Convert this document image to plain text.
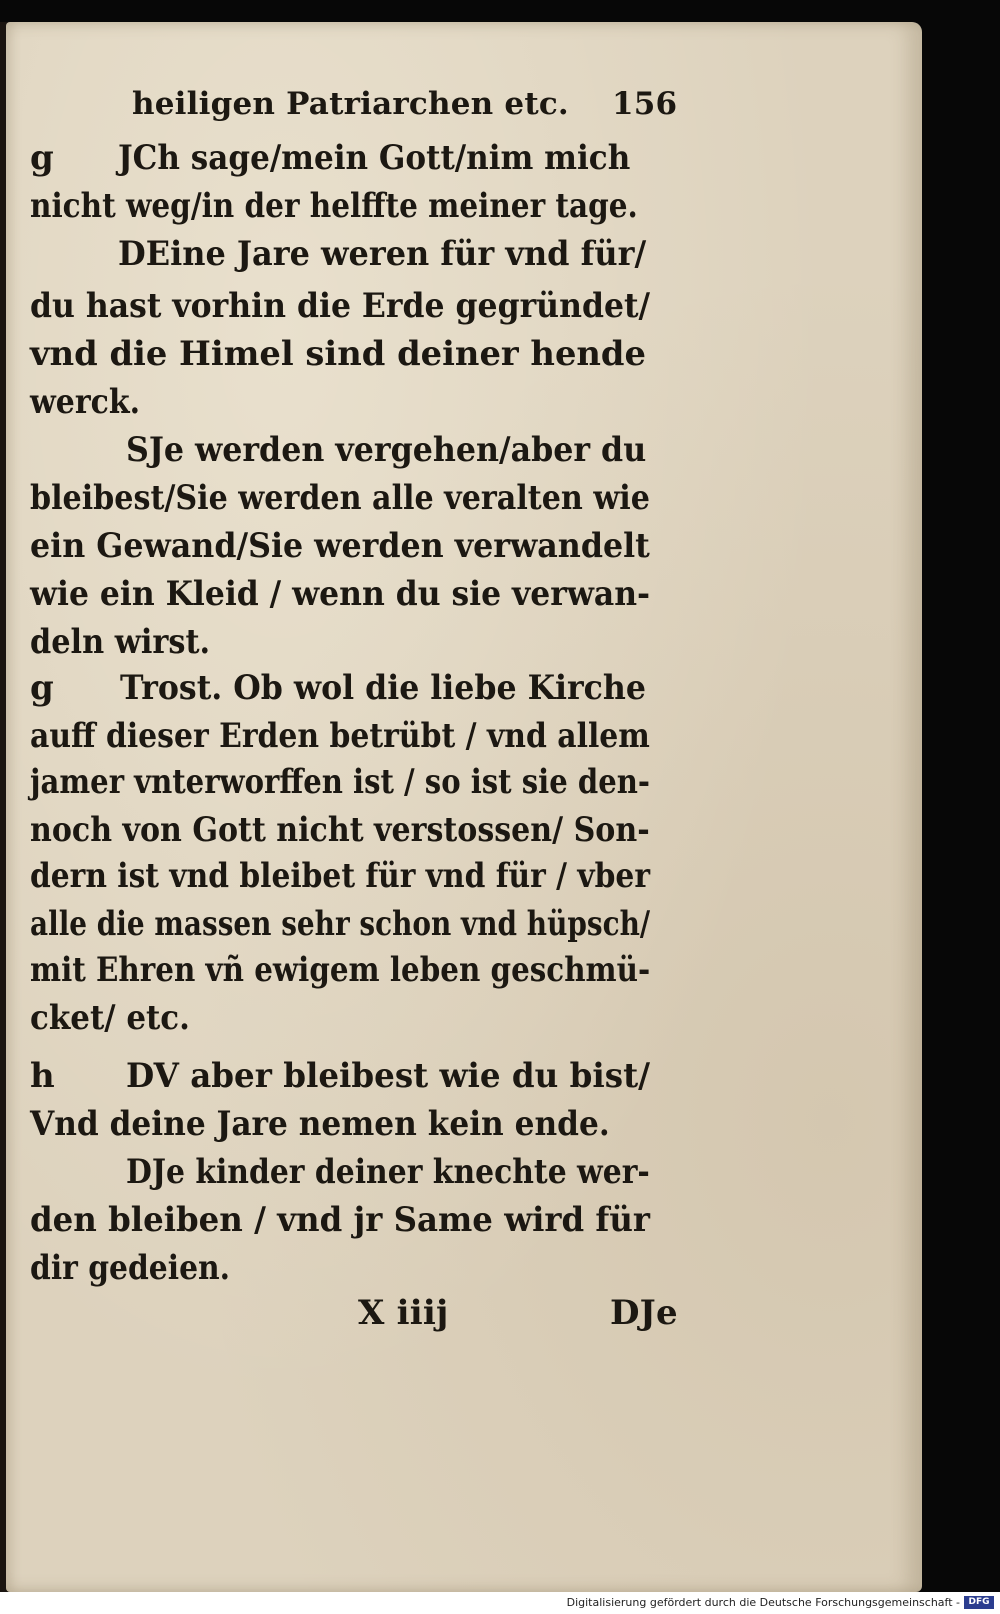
heiligen Patriarchen etc. 156
g JCh sage/mein Gott/nim mich
nicht weg/in der helffte meiner tage.
DEine Jare weren für vnd für/
du hast vorhin die Erde gegründet/
vnd die Himel sind deiner hende
werck.
SJe werden vergehen/aber du
bleibest/Sie werden alle veralten wie
ein Gewand/Sie werden verwandelt
wie ein Kleid / wenn du sie verwan-
deln wirst.
g Trost. Ob wol die liebe Kirche
auff dieser Erden betrübt / vnd allem
jamer vnterworffen ist / so ist sie den-
noch von Gott nicht verstossen/ Son-
dern ist vnd bleibet für vnd für / vber
alle die massen sehr schon vnd hüpsch/
mit Ehren vñ ewigem leben geschmü-
cket/ etc.
h DV aber bleibest wie du bist/
Vnd deine Jare nemen kein ende.
DJe kinder deiner knechte wer-
den bleiben / vnd jr Same wird für
dir gedeien.
X iiij	DJe
Digitalisierung gefördert durch die Deutsche Forschungsgemeinschaft - DFG
